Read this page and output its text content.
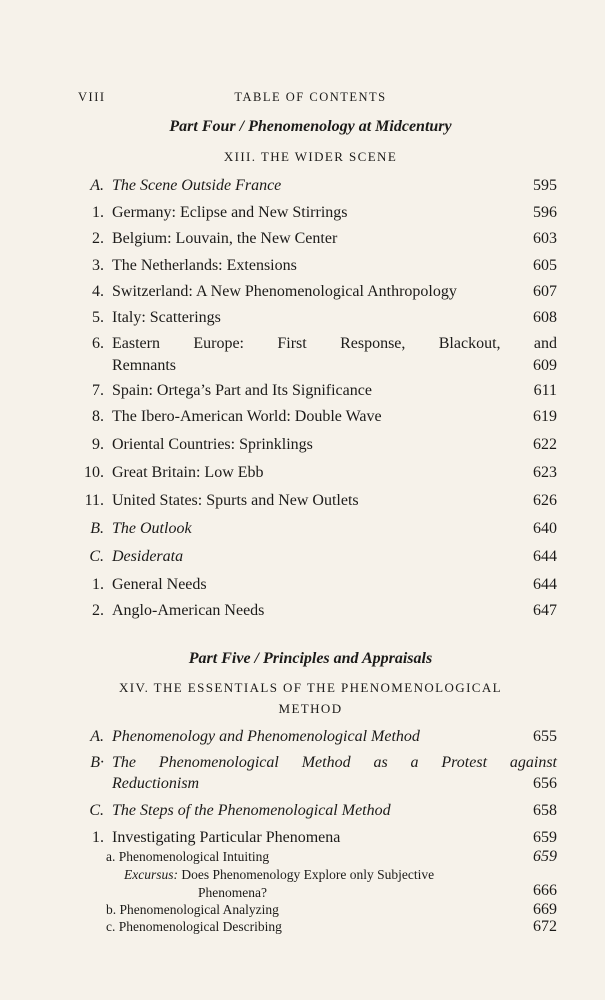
VIII	TABLE OF CONTENTS
Part Four / Phenomenology at Midcentury
XIII. THE WIDER SCENE
A. The Scene Outside France	595
1. Germany: Eclipse and New Stirrings	596
2. Belgium: Louvain, the New Center	603
3. The Netherlands: Extensions	605
4. Switzerland: A New Phenomenological Anthropology	607
5. Italy: Scatterings	608
6. Eastern Europe: First Response, Blackout, and
Remnants	609
7. Spain: Ortega’s Part and Its Significance	611
8. The Ibero-American World: Double Wave	619
9. Oriental Countries: Sprinklings	622
10. Great Britain: Low Ebb	623
11. United States: Spurts and New Outlets	626
B. The Outlook	640
C. Desiderata	644
1. General Needs	644
2. Anglo-American Needs	647
Part Five / Principles and Appraisals
XIV. THE ESSENTIALS OF THE PHENOMENOLOGICAL
METHOD
A. Phenomenology and Phenomenological Method	655
B· The Phenomenological Method as a Protest against
Reductionism	656
C. The Steps of the Phenomenological Method	658
1. Investigating Particular Phenomena	659
a. Phenomenological Intuiting	659
Excursus: Does Phenomenology Explore only Subjective
Phenomena?	666
b. Phenomenological Analyzing	669
c. Phenomenological Describing	672
